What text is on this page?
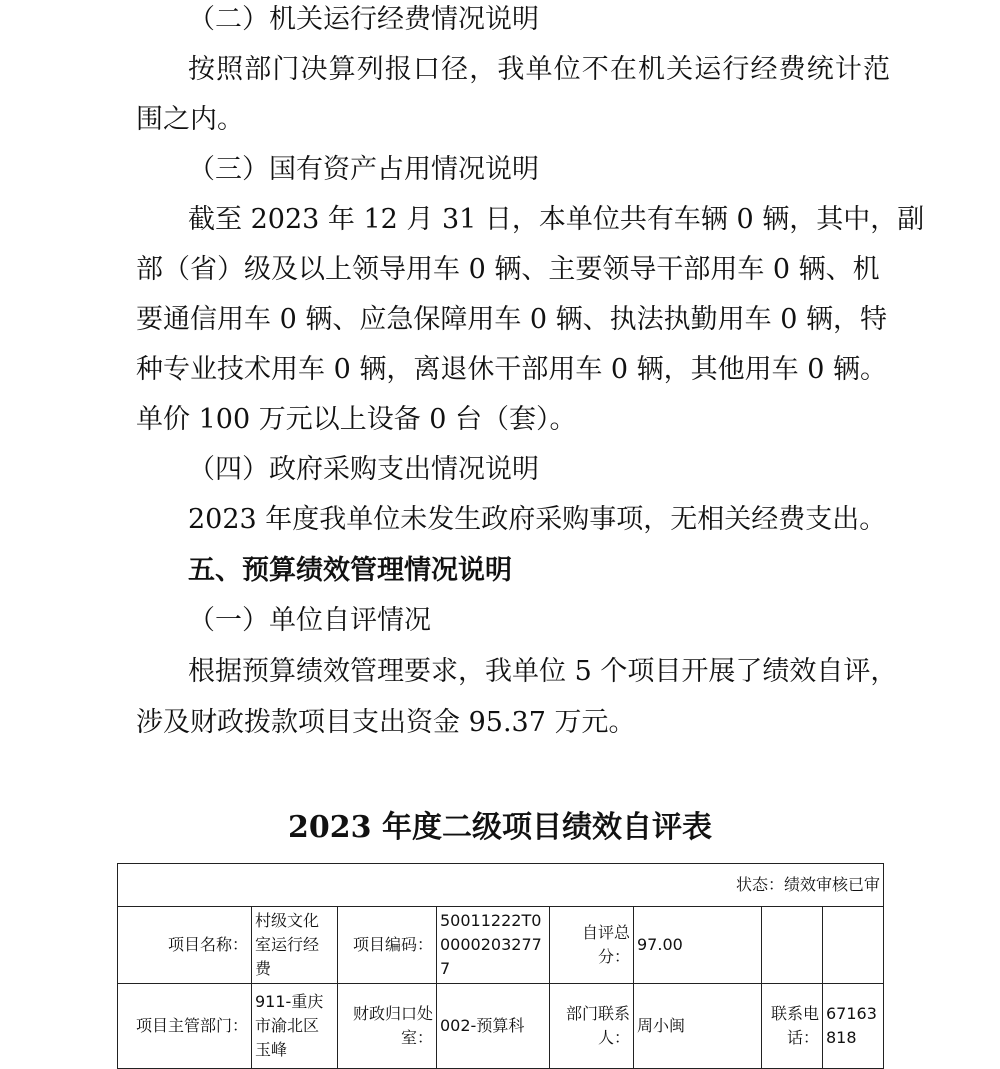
（二）机关运行经费情况说明

按照部门决算列报口径，我单位不在机关运行经费统计范

围之内。

（三）国有资产占用情况说明

截至 2023 年 12 月 31 日，本单位共有车辆 0 辆，其中，副

部（省）级及以上领导用车 0 辆、主要领导干部用车 0 辆、机

要通信用车 0 辆、应急保障用车 0 辆、执法执勤用车 0 辆，特

种专业技术用车 0 辆，离退休干部用车 0 辆，其他用车 0 辆。

单价 100 万元以上设备 0 台（套）。

（四）政府采购支出情况说明

2023 年度我单位未发生政府采购事项，无相关经费支出。

五、预算绩效管理情况说明

（一）单位自评情况

根据预算绩效管理要求，我单位 5 个项目开展了绩效自评，

涉及财政拨款项目支出资金 95.37 万元。

2023 年度二级项目绩效自评表

状态：绩效审核已审							
项目名称：	村级文化室运行经费	项目编码：	50011222T000002032777	自评总分：	97.00		
项目主管部门：	911-重庆市渝北区玉峰	财政归口处室：	002-预算科	部门联系人：	周小闽	联系电话：	67163818
